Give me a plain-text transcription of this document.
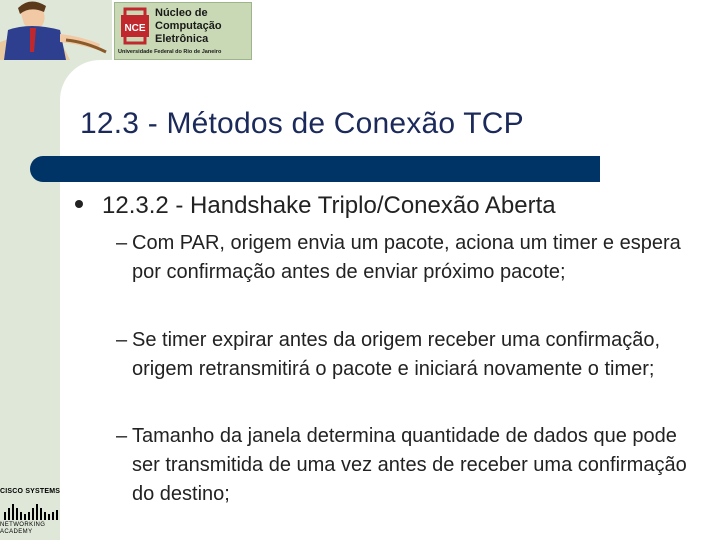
NCE
Núcleo de
Computação
Eletrônica
Universidade Federal do Rio de Janeiro
12.3 - Métodos de Conexão TCP
12.3.2 - Handshake Triplo/Conexão Aberta
– Com PAR, origem envia um pacote, aciona um timer e espera por confirmação antes de enviar próximo pacote;
– Se timer expirar antes da origem receber uma confirmação, origem retransmitirá o pacote e iniciará novamente o timer;
– Tamanho da janela determina quantidade de dados que pode ser transmitida de uma vez antes de receber uma confirmação do destino;
CISCO SYSTEMS
NETWORKING
ACADEMY
